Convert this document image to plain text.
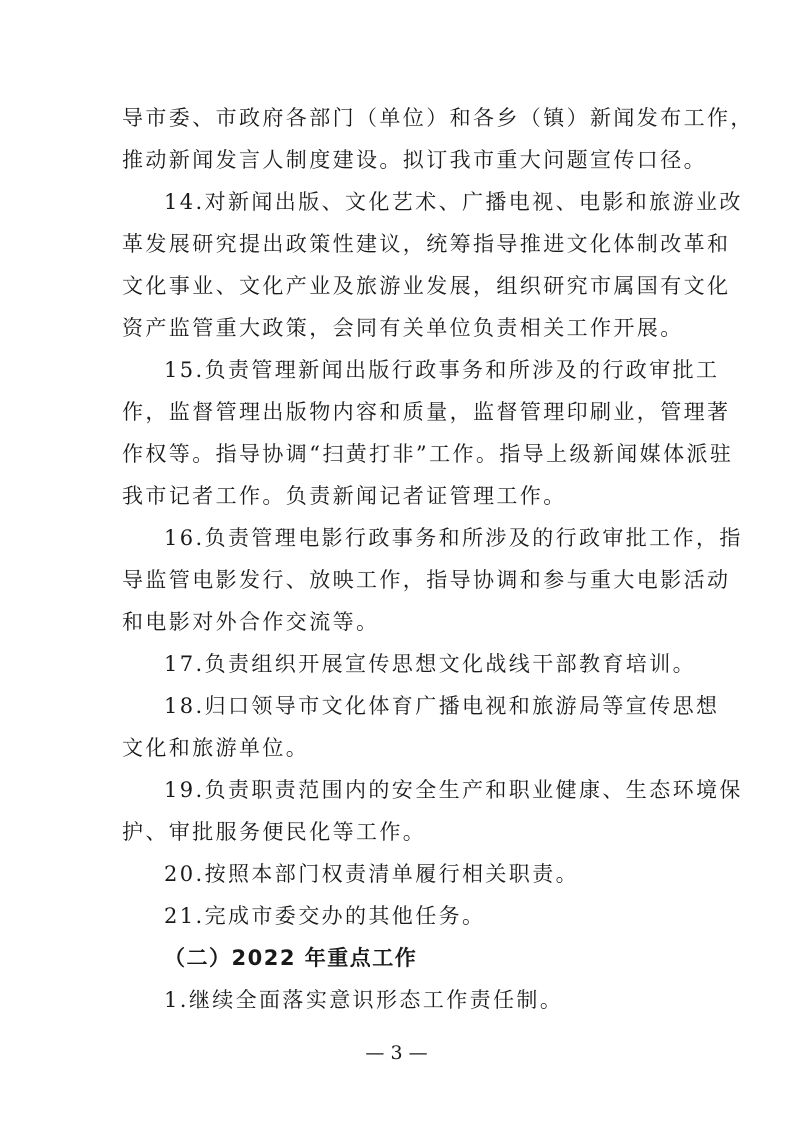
导市委、市政府各部门（单位）和各乡（镇）新闻发布工作，
推动新闻发言人制度建设。拟订我市重大问题宣传口径。
14.对新闻出版、文化艺术、广播电视、电影和旅游业改
革发展研究提出政策性建议，统筹指导推进文化体制改革和
文化事业、文化产业及旅游业发展，组织研究市属国有文化
资产监管重大政策，会同有关单位负责相关工作开展。
15.负责管理新闻出版行政事务和所涉及的行政审批工
作，监督管理出版物内容和质量，监督管理印刷业，管理著
作权等。指导协调“扫黄打非”工作。指导上级新闻媒体派驻
我市记者工作。负责新闻记者证管理工作。
16.负责管理电影行政事务和所涉及的行政审批工作，指
导监管电影发行、放映工作，指导协调和参与重大电影活动
和电影对外合作交流等。
17.负责组织开展宣传思想文化战线干部教育培训。
18.归口领导市文化体育广播电视和旅游局等宣传思想
文化和旅游单位。
19.负责职责范围内的安全生产和职业健康、生态环境保
护、审批服务便民化等工作。
20.按照本部门权责清单履行相关职责。
21.完成市委交办的其他任务。
（二）2022 年重点工作
1.继续全面落实意识形态工作责任制。
— 3 —
